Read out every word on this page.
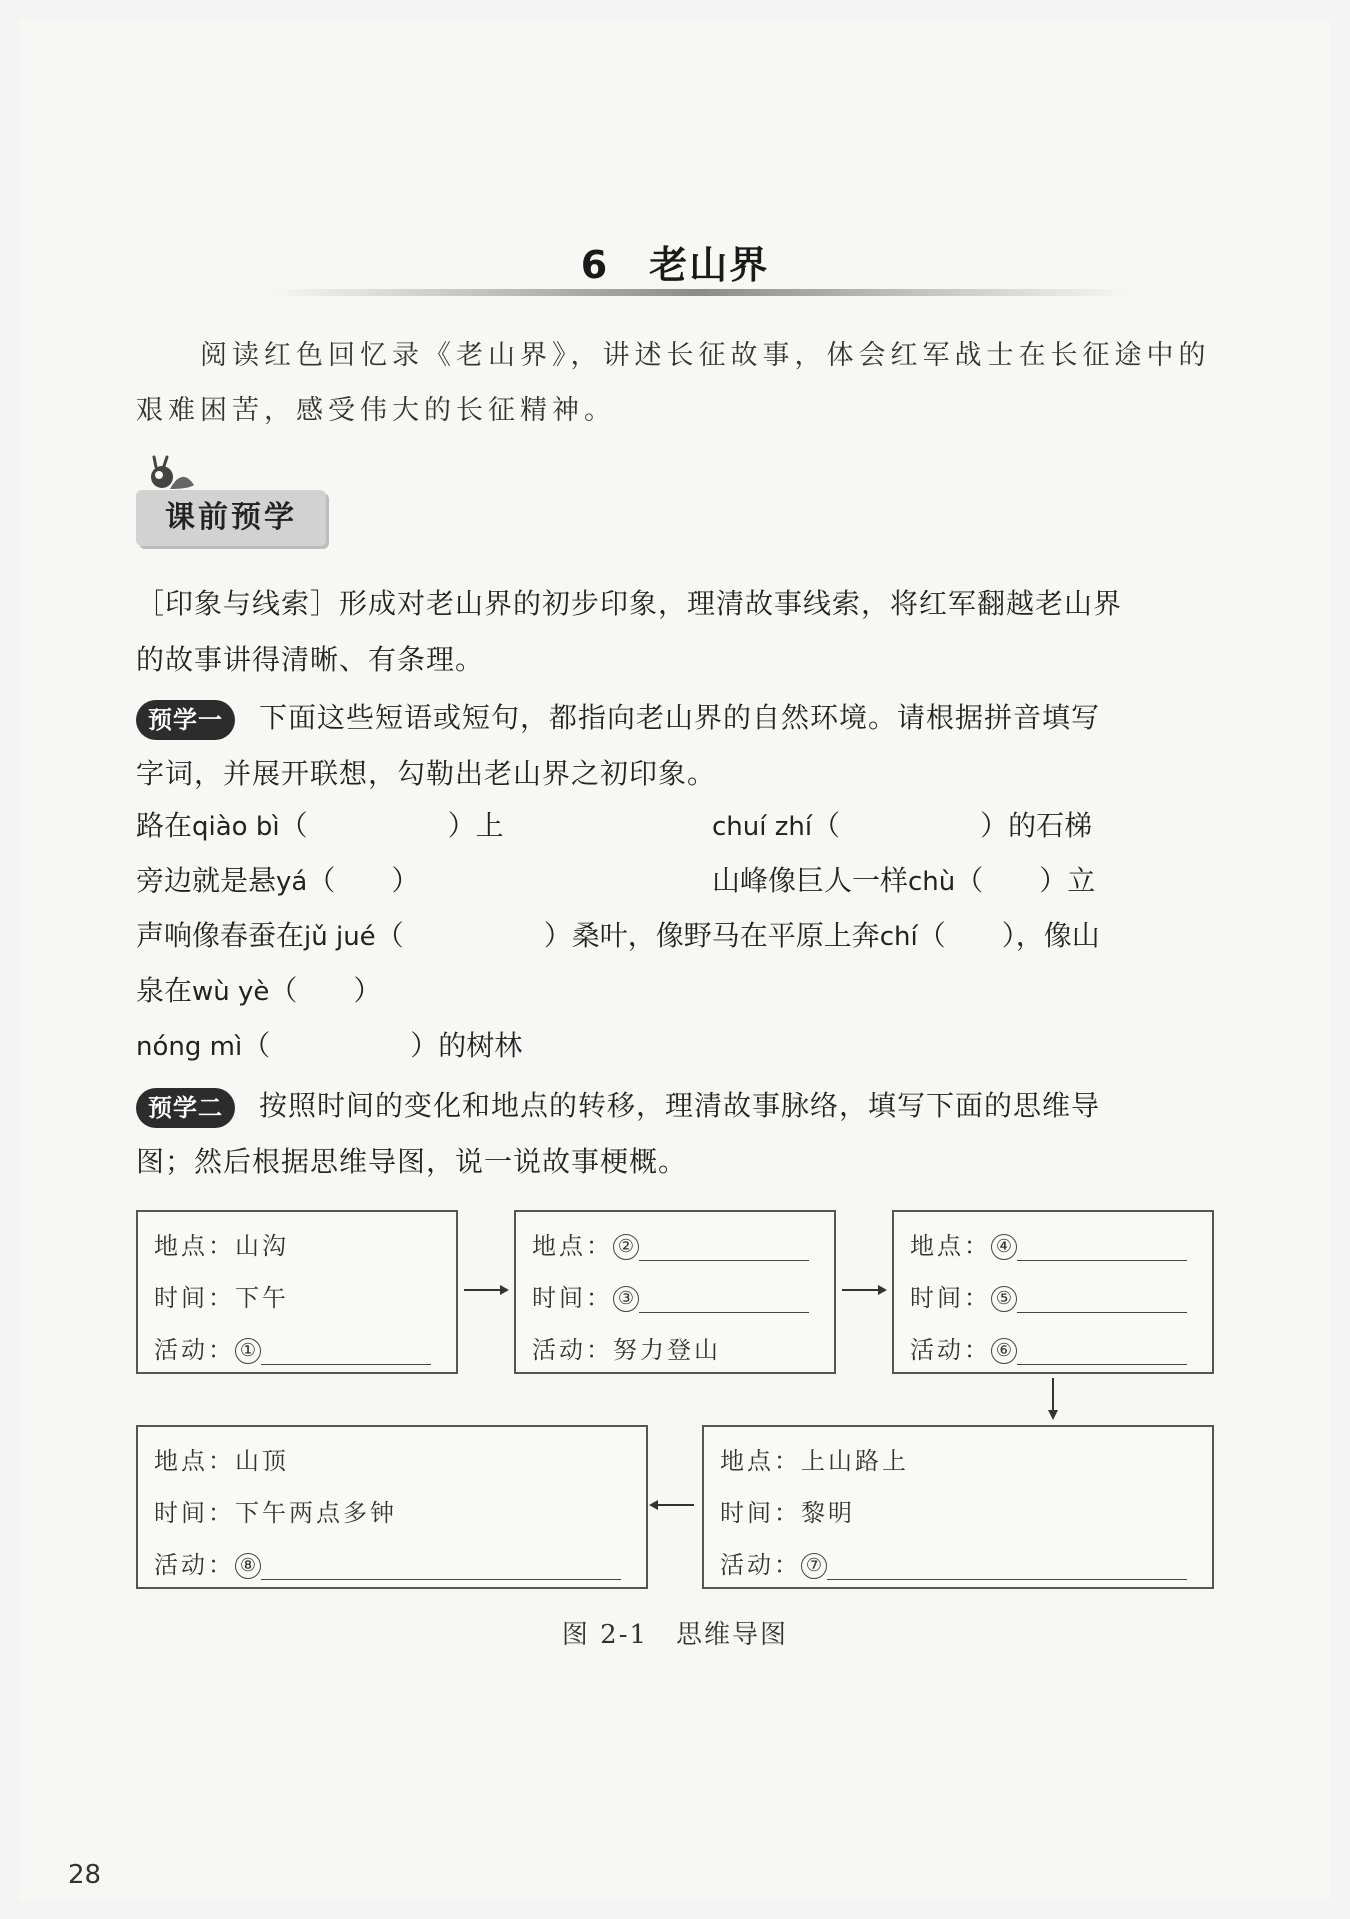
6　老山界
阅读红色回忆录《老山界》，讲述长征故事，体会红军战士在长征途中的
艰难困苦，感受伟大的长征精神。
课前预学
［印象与线索］形成对老山界的初步印象，理清故事线索，将红军翻越老山界
的故事讲得清晰、有条理。
预学一 下面这些短语或短句，都指向老山界的自然环境。请根据拼音填写
字词，并展开联想，勾勒出老山界之初印象。
路在qiào bì（　　　　　）上	chuí zhí（　　　　　）的石梯
旁边就是悬yá（　　）	山峰像巨人一样chù（　　）立
声响像春蚕在jǔ jué（　　　　　）桑叶，像野马在平原上奔chí（　　），像山
泉在wù yè（　　）
nóng mì（　　　　　）的树林
预学二 按照时间的变化和地点的转移，理清故事脉络，填写下面的思维导
图；然后根据思维导图，说一说故事梗概。
地点：山沟
时间：下午
活动： ①
地点： ②
时间： ③
活动：努力登山
地点： ④
时间： ⑤
活动： ⑥
地点：上山路上
时间：黎明
活动： ⑦
地点：山顶
时间：下午两点多钟
活动： ⑧
图 2-1　思维导图
28
